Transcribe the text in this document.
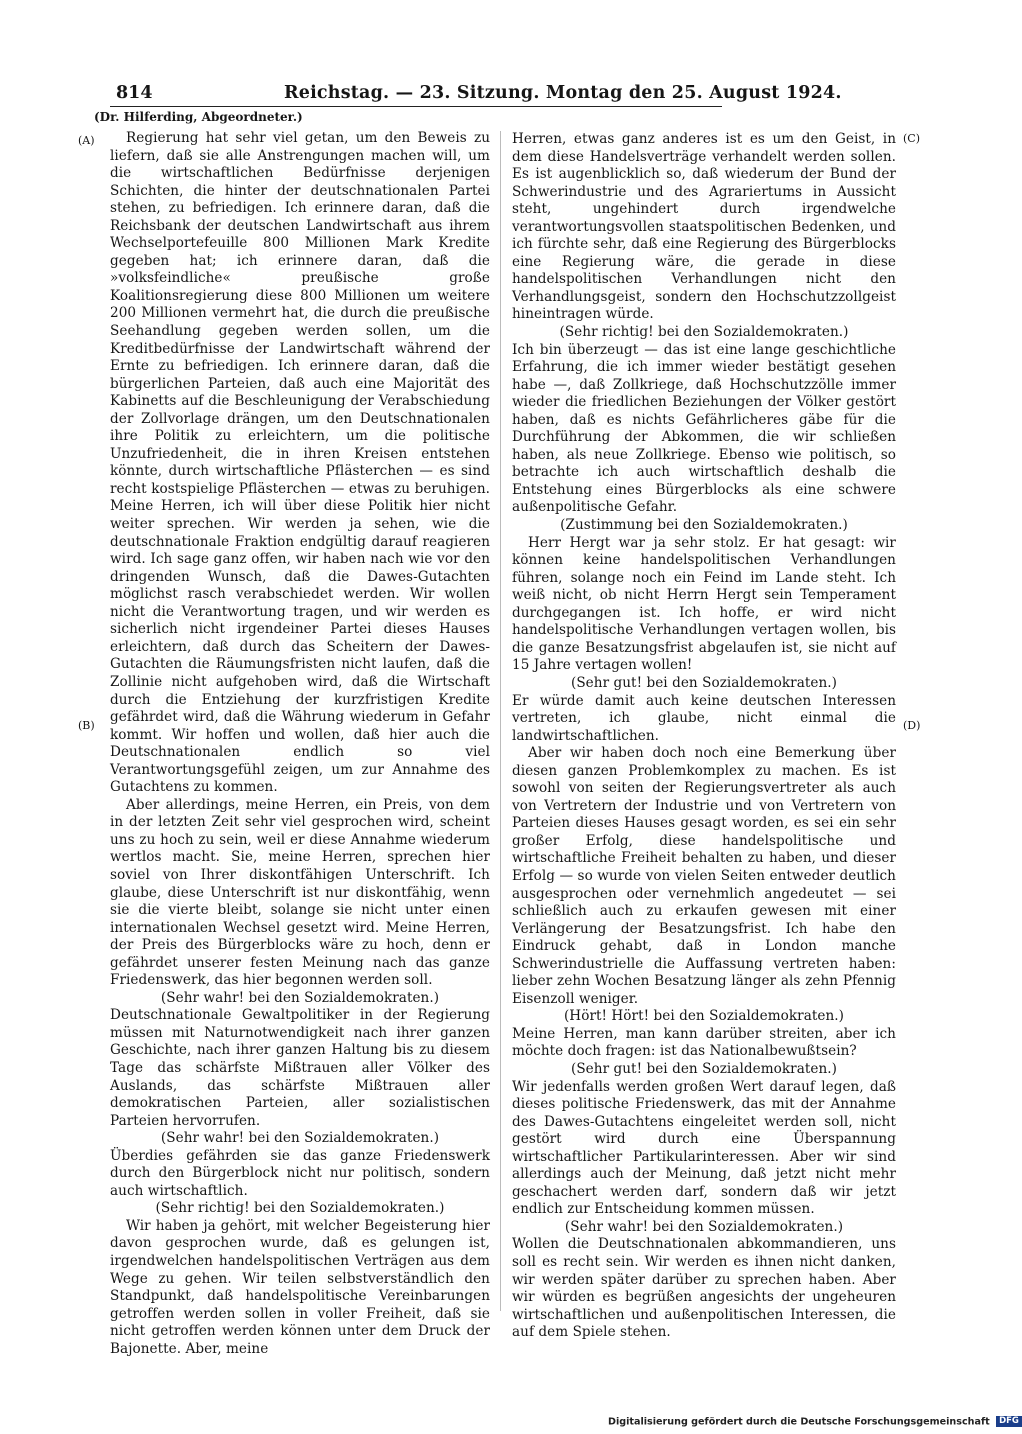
814	Reichstag. — 23. Sitzung. Montag den 25. August 1924.
(Dr. Hilferding, Abgeordneter.)
(A)
(B)
(C)
(D)

Regierung hat sehr viel getan, um den Beweis zu liefern, daß sie alle Anstrengungen machen will, um die wirtschaftlichen Bedürfnisse derjenigen Schichten, die hinter der deutschnationalen Partei stehen, zu befriedigen. Ich erinnere daran, daß die Reichsbank der deutschen Landwirtschaft aus ihrem Wechselportefeuille 800 Millionen Mark Kredite gegeben hat; ich erinnere daran, daß die »volksfeindliche« preußische große Koalitionsregierung diese 800 Millionen um weitere 200 Millionen vermehrt hat, die durch die preußische Seehandlung gegeben werden sollen, um die Kreditbedürfnisse der Landwirtschaft während der Ernte zu befriedigen. Ich erinnere daran, daß die bürgerlichen Parteien, daß auch eine Majorität des Kabinetts auf die Beschleunigung der Verabschiedung der Zollvorlage drängen, um den Deutschnationalen ihre Politik zu erleichtern, um die politische Unzufriedenheit, die in ihren Kreisen entstehen könnte, durch wirtschaftliche Pflästerchen — es sind recht kostspielige Pflästerchen — etwas zu beruhigen. Meine Herren, ich will über diese Politik hier nicht weiter sprechen. Wir werden ja sehen, wie die deutschnationale Fraktion endgültig darauf reagieren wird. Ich sage ganz offen, wir haben nach wie vor den dringenden Wunsch, daß die Dawes-Gutachten möglichst rasch verabschiedet werden. Wir wollen nicht die Verantwortung tragen, und wir werden es sicherlich nicht irgendeiner Partei dieses Hauses erleichtern, daß durch das Scheitern der Dawes-Gutachten die Räumungsfristen nicht laufen, daß die Zollinie nicht aufgehoben wird, daß die Wirtschaft durch die Entziehung der kurzfristigen Kredite gefährdet wird, daß die Währung wiederum in Gefahr kommt. Wir hoffen und wollen, daß hier auch die Deutschnationalen endlich so viel Verantwortungsgefühl zeigen, um zur Annahme des Gutachtens zu kommen.

Aber allerdings, meine Herren, ein Preis, von dem in der letzten Zeit sehr viel gesprochen wird, scheint uns zu hoch zu sein, weil er diese Annahme wiederum wertlos macht. Sie, meine Herren, sprechen hier soviel von Ihrer diskontfähigen Unterschrift. Ich glaube, diese Unterschrift ist nur diskontfähig, wenn sie die vierte bleibt, solange sie nicht unter einen internationalen Wechsel gesetzt wird. Meine Herren, der Preis des Bürgerblocks wäre zu hoch, denn er gefährdet unserer festen Meinung nach das ganze Friedenswerk, das hier begonnen werden soll.

(Sehr wahr! bei den Sozialdemokraten.)

Deutschnationale Gewaltpolitiker in der Regierung müssen mit Naturnotwendigkeit nach ihrer ganzen Geschichte, nach ihrer ganzen Haltung bis zu diesem Tage das schärfste Mißtrauen aller Völker des Auslands, das schärfste Mißtrauen aller demokratischen Parteien, aller sozialistischen Parteien hervorrufen.

(Sehr wahr! bei den Sozialdemokraten.)

Überdies gefährden sie das ganze Friedenswerk durch den Bürgerblock nicht nur politisch, sondern auch wirtschaftlich.

(Sehr richtig! bei den Sozialdemokraten.)

Wir haben ja gehört, mit welcher Begeisterung hier davon gesprochen wurde, daß es gelungen ist, irgendwelchen handelspolitischen Verträgen aus dem Wege zu gehen. Wir teilen selbstverständlich den Standpunkt, daß handelspolitische Vereinbarungen getroffen werden sollen in voller Freiheit, daß sie nicht getroffen werden können unter dem Druck der Bajonette. Aber, meine

Herren, etwas ganz anderes ist es um den Geist, in dem diese Handelsverträge verhandelt werden sollen. Es ist augenblicklich so, daß wiederum der Bund der Schwerindustrie und des Agrariertums in Aussicht steht, ungehindert durch irgendwelche verantwortungsvollen staatspolitischen Bedenken, und ich fürchte sehr, daß eine Regierung des Bürgerblocks eine Regierung wäre, die gerade in diese handelspolitischen Verhandlungen nicht den Verhandlungsgeist, sondern den Hochschutzzollgeist hineintragen würde.

(Sehr richtig! bei den Sozialdemokraten.)

Ich bin überzeugt — das ist eine lange geschichtliche Erfahrung, die ich immer wieder bestätigt gesehen habe —, daß Zollkriege, daß Hochschutzzölle immer wieder die friedlichen Beziehungen der Völker gestört haben, daß es nichts Gefährlicheres gäbe für die Durchführung der Abkommen, die wir schließen haben, als neue Zollkriege. Ebenso wie politisch, so betrachte ich auch wirtschaftlich deshalb die Entstehung eines Bürgerblocks als eine schwere außenpolitische Gefahr.

(Zustimmung bei den Sozialdemokraten.)

Herr Hergt war ja sehr stolz. Er hat gesagt: wir können keine handelspolitischen Verhandlungen führen, solange noch ein Feind im Lande steht. Ich weiß nicht, ob nicht Herrn Hergt sein Temperament durchgegangen ist. Ich hoffe, er wird nicht handelspolitische Verhandlungen vertagen wollen, bis die ganze Besatzungsfrist abgelaufen ist, sie nicht auf 15 Jahre vertagen wollen!

(Sehr gut! bei den Sozialdemokraten.)

Er würde damit auch keine deutschen Interessen vertreten, ich glaube, nicht einmal die landwirtschaftlichen.

Aber wir haben doch noch eine Bemerkung über diesen ganzen Problemkomplex zu machen. Es ist sowohl von seiten der Regierungsvertreter als auch von Vertretern der Industrie und von Vertretern von Parteien dieses Hauses gesagt worden, es sei ein sehr großer Erfolg, diese handelspolitische und wirtschaftliche Freiheit behalten zu haben, und dieser Erfolg — so wurde von vielen Seiten entweder deutlich ausgesprochen oder vernehmlich angedeutet — sei schließlich auch zu erkaufen gewesen mit einer Verlängerung der Besatzungsfrist. Ich habe den Eindruck gehabt, daß in London manche Schwerindustrielle die Auffassung vertreten haben: lieber zehn Wochen Besatzung länger als zehn Pfennig Eisenzoll weniger.

(Hört! Hört! bei den Sozialdemokraten.)

Meine Herren, man kann darüber streiten, aber ich möchte doch fragen: ist das Nationalbewußtsein?

(Sehr gut! bei den Sozialdemokraten.)

Wir jedenfalls werden großen Wert darauf legen, daß dieses politische Friedenswerk, das mit der Annahme des Dawes-Gutachtens eingeleitet werden soll, nicht gestört wird durch eine Überspannung wirtschaftlicher Partikularinteressen. Aber wir sind allerdings auch der Meinung, daß jetzt nicht mehr geschachert werden darf, sondern daß wir jetzt endlich zur Entscheidung kommen müssen.

(Sehr wahr! bei den Sozialdemokraten.)

Wollen die Deutschnationalen abkommandieren, uns soll es recht sein. Wir werden es ihnen nicht danken, wir werden später darüber zu sprechen haben. Aber wir würden es begrüßen angesichts der ungeheuren wirtschaftlichen und außenpolitischen Interessen, die auf dem Spiele stehen.

Digitalisierung gefördert durch die Deutsche Forschungsgemeinschaft DFG
